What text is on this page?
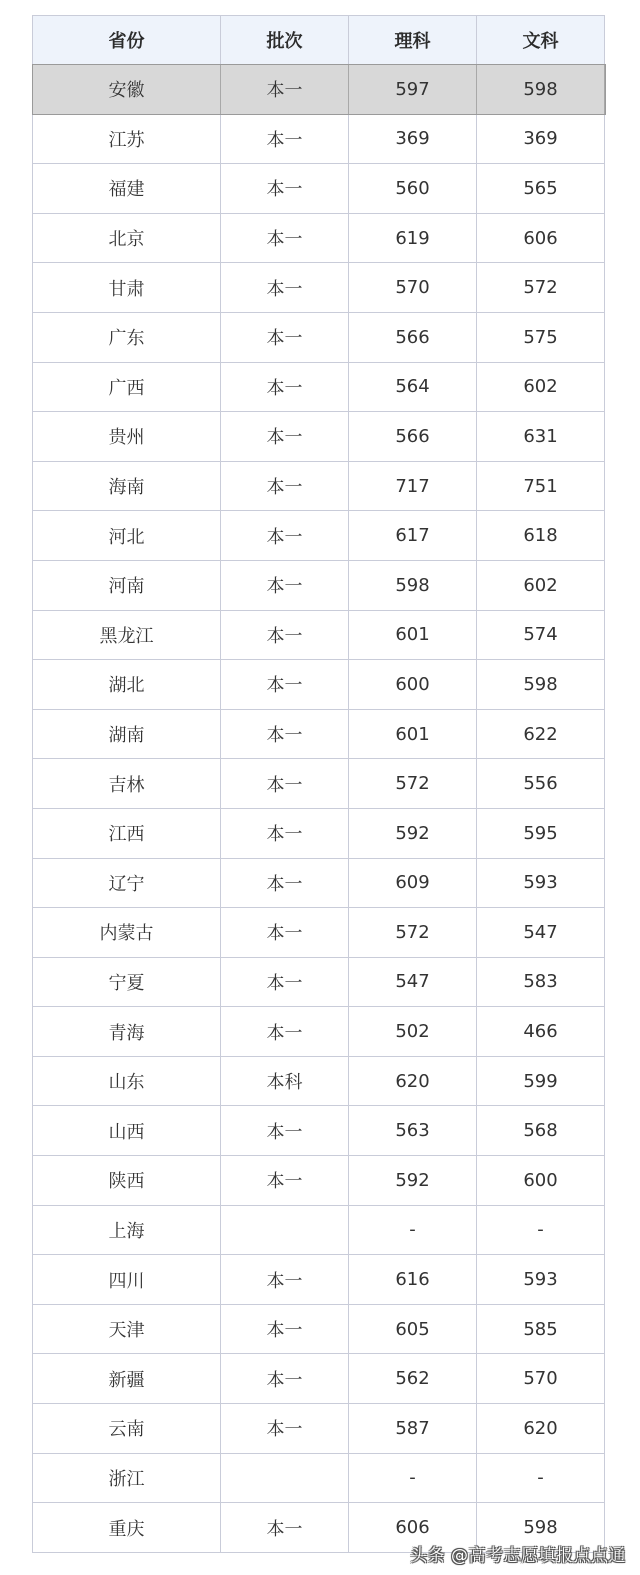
省份	批次	理科	文科
安徽	本一	597	598
江苏	本一	369	369
福建	本一	560	565
北京	本一	619	606
甘肃	本一	570	572
广东	本一	566	575
广西	本一	564	602
贵州	本一	566	631
海南	本一	717	751
河北	本一	617	618
河南	本一	598	602
黑龙江	本一	601	574
湖北	本一	600	598
湖南	本一	601	622
吉林	本一	572	556
江西	本一	592	595
辽宁	本一	609	593
内蒙古	本一	572	547
宁夏	本一	547	583
青海	本一	502	466
山东	本科	620	599
山西	本一	563	568
陕西	本一	592	600
上海		-	-
四川	本一	616	593
天津	本一	605	585
新疆	本一	562	570
云南	本一	587	620
浙江		-	-
重庆	本一	606	598
头条 @高考志愿填报点点通
